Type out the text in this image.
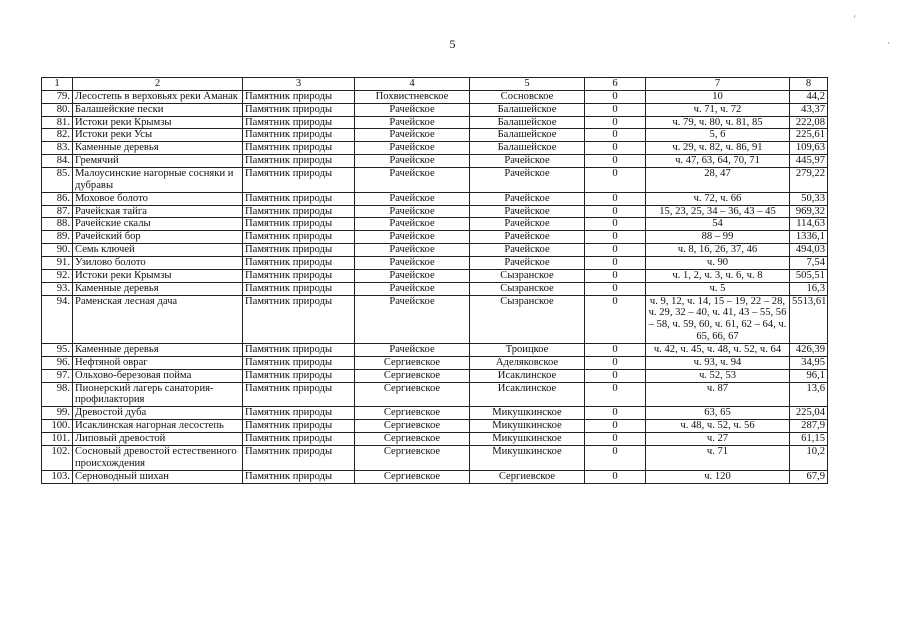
5
'
·
1	2	3	4	5	6	7	8
79.	Лесостепь в верховьях реки Аманак	Памятник природы	Похвистневское	Сосновское	0	10	44,2
80.	Балашейские пески	Памятник природы	Рачейское	Балашейское	0	ч. 71, ч. 72	43,37
81.	Истоки реки Крымзы	Памятник природы	Рачейское	Балашейское	0	ч. 79, ч. 80, ч. 81, 85	222,08
82.	Истоки реки Усы	Памятник природы	Рачейское	Балашейское	0	5, 6	225,61
83.	Каменные деревья	Памятник природы	Рачейское	Балашейское	0	ч. 29, ч. 82, ч. 86, 91	109,63
84.	Гремячий	Памятник природы	Рачейское	Рачейское	0	ч. 47, 63, 64, 70, 71	445,97
85.	Малоусинские нагорные сосняки и дубравы	Памятник природы	Рачейское	Рачейское	0	28, 47	279,22
86.	Моховое болото	Памятник природы	Рачейское	Рачейское	0	ч. 72, ч. 66	50,33
87.	Рачейская тайга	Памятник природы	Рачейское	Рачейское	0	15, 23, 25, 34 – 36, 43 – 45	969,32
88.	Рачейские скалы	Памятник природы	Рачейское	Рачейское	0	54	114,63
89.	Рачейский бор	Памятник природы	Рачейское	Рачейское	0	88 – 99	1336,1
90.	Семь ключей	Памятник природы	Рачейское	Рачейское	0	ч. 8, 16, 26, 37, 46	494,03
91.	Узилово болото	Памятник природы	Рачейское	Рачейское	0	ч. 90	7,54
92.	Истоки реки Крымзы	Памятник природы	Рачейское	Сызранское	0	ч. 1, 2, ч. 3, ч. 6, ч. 8	505,51
93.	Каменные деревья	Памятник природы	Рачейское	Сызранское	0	ч. 5	16,3
94.	Раменская лесная дача	Памятник природы	Рачейское	Сызранское	0	ч. 9, 12, ч. 14, 15 – 19, 22 – 28, ч. 29, 32 – 40, ч. 41, 43 – 55, 56 – 58, ч. 59, 60, ч. 61, 62 – 64, ч. 65, 66, 67	5513,61
95.	Каменные деревья	Памятник природы	Рачейское	Троицкое	0	ч. 42, ч. 45, ч. 48, ч. 52, ч. 64	426,39
96.	Нефтяной овраг	Памятник природы	Сергиевское	Аделяковское	0	ч. 93, ч. 94	34,95
97.	Ольхово-березовая пойма	Памятник природы	Сергиевское	Исаклинское	0	ч. 52, 53	96,1
98.	Пионерский лагерь санатория-профилактория	Памятник природы	Сергиевское	Исаклинское	0	ч. 87	13,6
99.	Древостой дуба	Памятник природы	Сергиевское	Микушкинское	0	63, 65	225,04
100.	Исаклинская нагорная лесостепь	Памятник природы	Сергиевское	Микушкинское	0	ч. 48, ч. 52, ч. 56	287,9
101.	Липовый древостой	Памятник природы	Сергиевское	Микушкинское	0	ч. 27	61,15
102.	Сосновый древостой естественного происхождения	Памятник природы	Сергиевское	Микушкинское	0	ч. 71	10,2
103.	Серноводный шихан	Памятник природы	Сергиевское	Сергиевское	0	ч. 120	67,9
